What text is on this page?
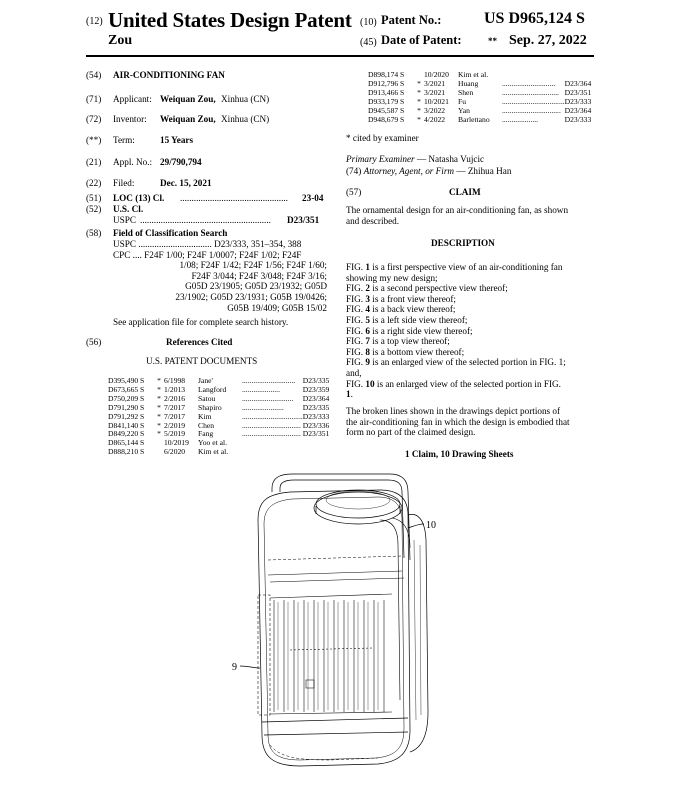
(12) United States Design Patent
Zou
(10) Patent No.:	US D965,124 S
(45) Date of Patent:	** Sep. 27, 2022
(54) AIR-CONDITIONING FAN
(71) Applicant: Weiquan Zou, Xinhua (CN)
(72) Inventor: Weiquan Zou, Xinhua (CN)
(**) Term:	15 Years
(21) Appl. No.: 29/790,794
(22) Filed:	Dec. 15, 2021
(51) LOC (13) Cl. ............................................... 23-04
(52) U.S. Cl.
USPC ......................................................... D23/351
(58) Field of Classification Search
USPC ................................ D23/333, 351–354, 388
CPC .... F24F 1/00; F24F 1/0007; F24F 1/02; F24F
1/08; F24F 1/42; F24F 1/56; F24F 1/60;
F24F 3/044; F24F 3/048; F24F 3/16;
G05D 23/1905; G05D 23/1932; G05D
23/1902; G05D 23/1931; G05B 19/0426;
G05B 19/409; G05B 15/02
See application file for complete search history.
(56)	References Cited
U.S. PATENT DOCUMENTS
D395,490 S	*	6/1998	Jane'	............................	D23/335
D673,665 S	*	1/2013	Langford	....................	D23/359
D750,209 S	*	2/2016	Satou	...........................	D23/364
D791,290 S	*	7/2017	Shapiro	......................	D23/335
D791,292 S	*	7/2017	Kim	................................	D23/333
D841,140 S	*	2/2019	Chen	...............................	D23/336
D849,220 S	*	5/2019	Fang	...............................	D23/351
D865,144 S		10/2019	Yoo et al.		
D888,210 S		6/2020	Kim et al.		
D898,174 S		10/2020	Kim et al.		
D912,796 S	*	3/2021	Huang	............................	D23/364
D913,466 S	*	3/2021	Shen	..............................	D23/351
D933,179 S	*	10/2021	Fu	.................................	D23/333
D945,587 S	*	3/2022	Yan	...............................	D23/364
D948,679 S	*	4/2022	Barlettano	...................	D23/333
* cited by examiner
Primary Examiner — Natasha Vujcic
(74) Attorney, Agent, or Firm — Zhihua Han
(57)	CLAIM
The ornamental design for an air-conditioning fan, as shown
and described.
DESCRIPTION
FIG. 1 is a first perspective view of an air-conditioning fan
showing my new design;
FIG. 2 is a second perspective view thereof;
FIG. 3 is a front view thereof;
FIG. 4 is a back view thereof;
FIG. 5 is a left side view thereof;
FIG. 6 is a right side view thereof;
FIG. 7 is a top view thereof;
FIG. 8 is a bottom view thereof;
FIG. 9 is an enlarged view of the selected portion in FIG. 1;
and,
FIG. 10 is an enlarged view of the selected portion in FIG.
1.
The broken lines shown in the drawings depict portions of
the air-conditioning fan in which the design is embodied that
form no part of the claimed design.
1 Claim, 10 Drawing Sheets
9
10
